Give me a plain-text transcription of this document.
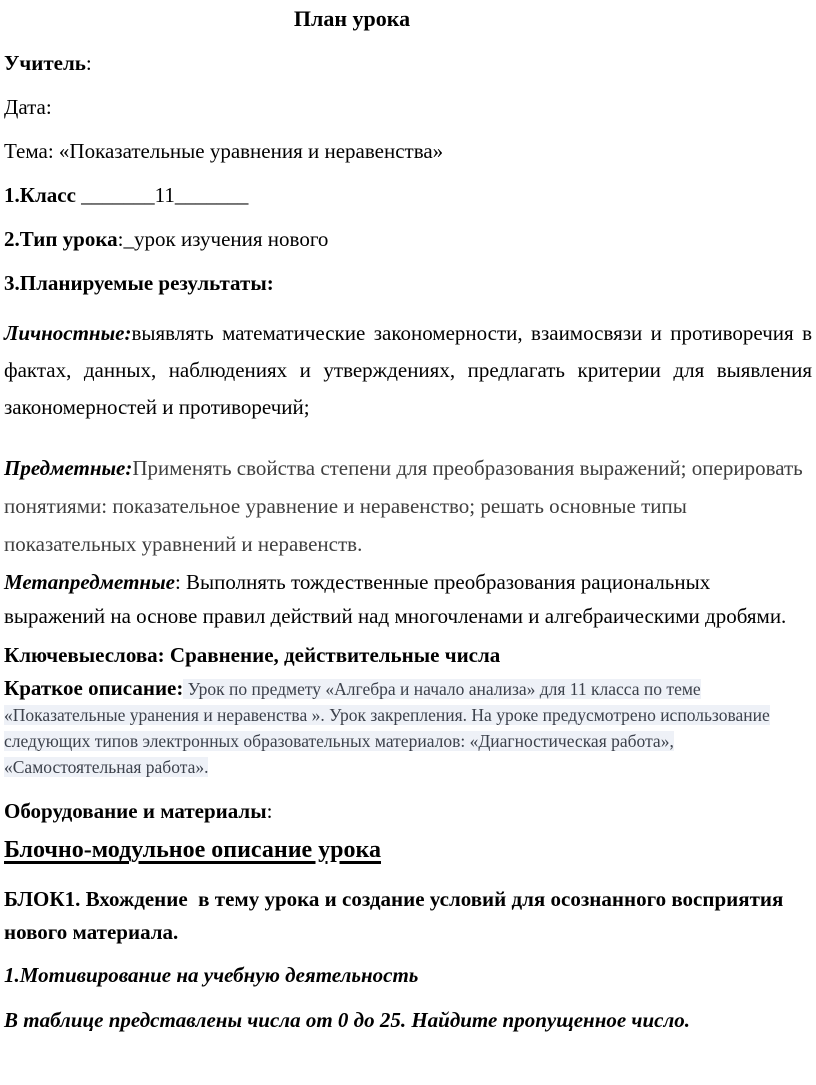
План урока

Учитель:

Дата:

Тема: «Показательные уравнения и неравенства»

1.Класс _______11_______

2.Тип урока:_урок изучения нового

3.Планируемые результаты:

Личностные:выявлять математические закономерности, взаимосвязи и противоречия в фактах, данных, наблюдениях и утверждениях, предлагать критерии для выявления закономерностей и противоречий;

Предметные:Применять свойства степени для преобразования выражений; оперировать понятиями: показательное уравнение и неравенство; решать основные типы показательных уравнений и неравенств.

Метапредметные: Выполнять тождественные преобразования рациональных выражений на основе правил действий над многочленами и алгебраическими дробями.

Ключевыеслова: Сравнение, действительные числа

Краткое описание: Урок по предмету «Алгебра и начало анализа» для 11 класса по теме «Показательные уранения и неравенства ». Урок закрепления. На уроке предусмотрено использование следующих типов электронных образовательных материалов: «Диагностическая работа», «Самостоятельная работа».

Оборудование и материалы:

Блочно-модульное описание урока

БЛОК1. Вхождение  в тему урока и создание условий для осознанного восприятия нового материала.

1.Мотивирование на учебную деятельность

В таблице представлены числа от 0 до 25. Найдите пропущенное число.
